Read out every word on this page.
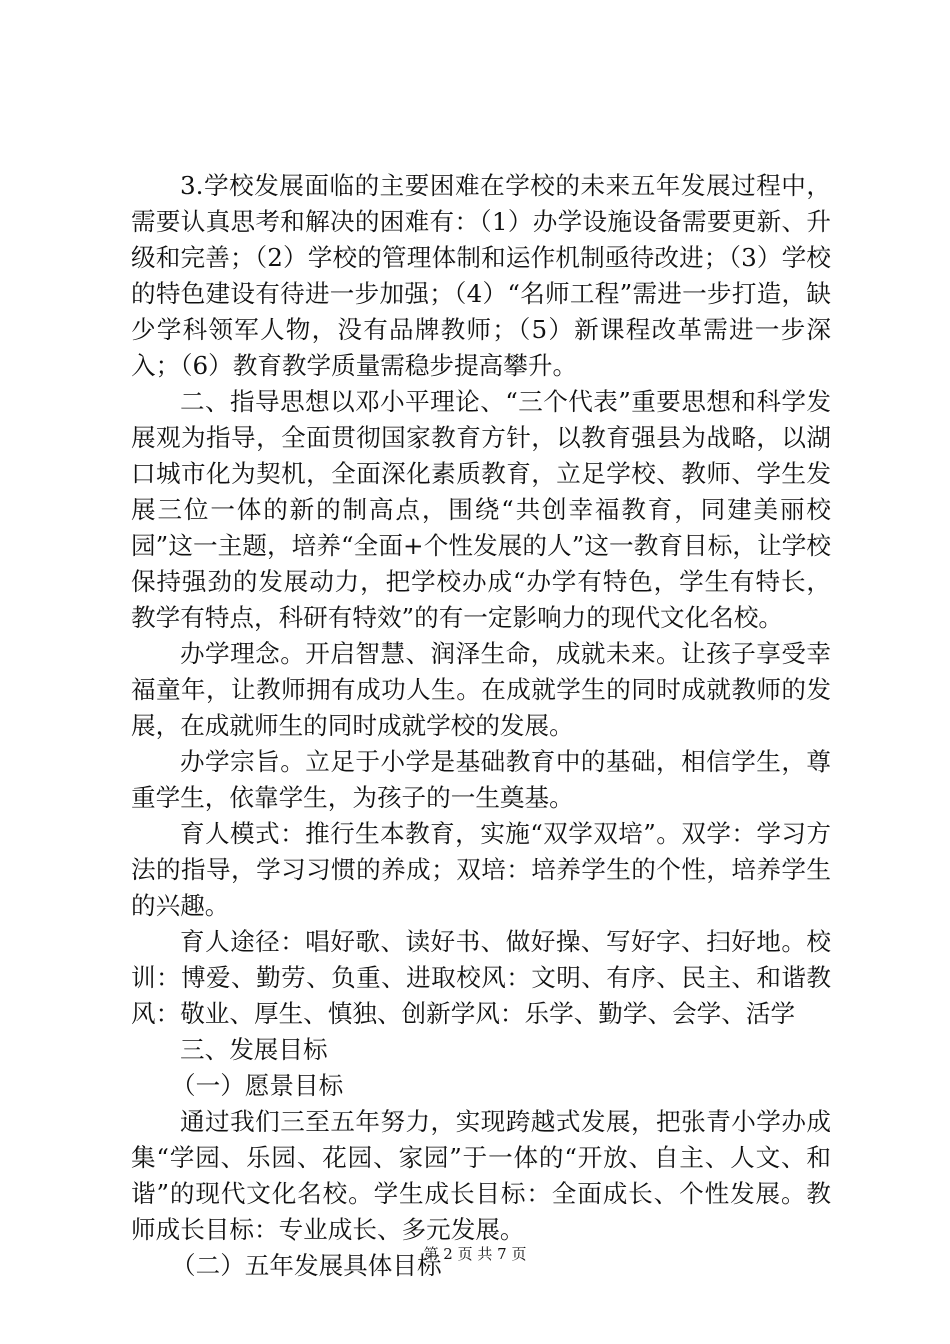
3.学校发展面临的主要困难在学校的未来五年发展过程中，需要认真思考和解决的困难有：（1）办学设施设备需要更新、升级和完善；（2）学校的管理体制和运作机制亟待改进；（3）学校的特色建设有待进一步加强；（4）“名师工程”需进一步打造，缺少学科领军人物，没有品牌教师；（5）新课程改革需进一步深入；（6）教育教学质量需稳步提高攀升。

二、指导思想以邓小平理论、“三个代表”重要思想和科学发展观为指导，全面贯彻国家教育方针，以教育强县为战略，以湖口城市化为契机，全面深化素质教育，立足学校、教师、学生发展三位一体的新的制高点，围绕“共创幸福教育，同建美丽校园”这一主题，培养“全面+个性发展的人”这一教育目标，让学校保持强劲的发展动力，把学校办成“办学有特色，学生有特长，教学有特点，科研有特效”的有一定影响力的现代文化名校。

办学理念。开启智慧、润泽生命，成就未来。让孩子享受幸福童年，让教师拥有成功人生。在成就学生的同时成就教师的发展，在成就师生的同时成就学校的发展。

办学宗旨。立足于小学是基础教育中的基础，相信学生，尊重学生，依靠学生，为孩子的一生奠基。

育人模式：推行生本教育，实施“双学双培”。双学：学习方法的指导，学习习惯的养成；双培：培养学生的个性，培养学生的兴趣。

育人途径：唱好歌、读好书、做好操、写好字、扫好地。校训：博爱、勤劳、负重、进取校风：文明、有序、民主、和谐教风：敬业、厚生、慎独、创新学风：乐学、勤学、会学、活学

三、发展目标

（一）愿景目标

通过我们三至五年努力，实现跨越式发展，把张青小学办成集“学园、乐园、花园、家园”于一体的“开放、自主、人文、和谐”的现代文化名校。学生成长目标：全面成长、个性发展。教师成长目标：专业成长、多元发展。

（二）五年发展具体目标

第 2 页 共 7 页
